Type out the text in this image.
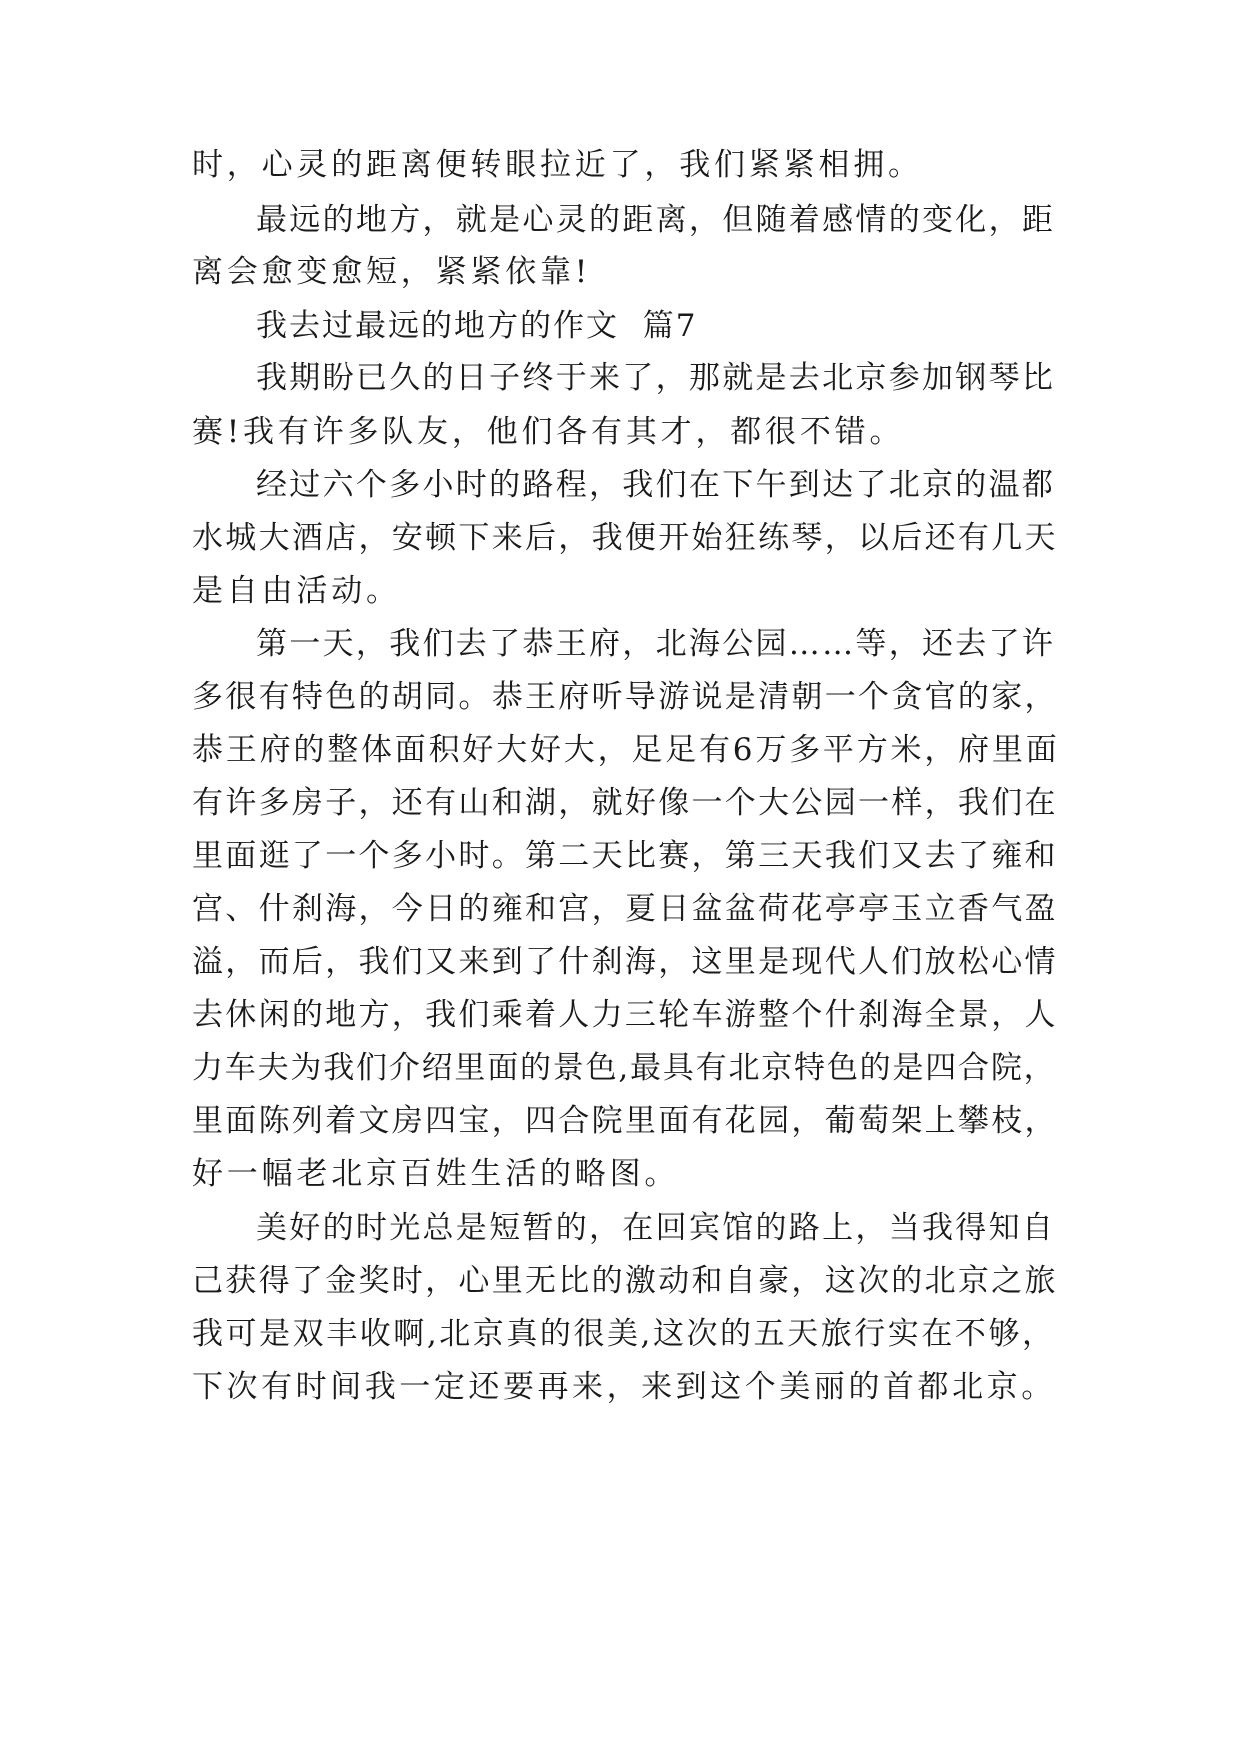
时，心灵的距离便转眼拉近了，我们紧紧相拥。
最远的地方，就是心灵的距离，但随着感情的变化，距
离会愈变愈短，紧紧依靠!
我去过最远的地方的作文  篇7
我期盼已久的日子终于来了，那就是去北京参加钢琴比
赛!我有许多队友，他们各有其才，都很不错。
经过六个多小时的路程，我们在下午到达了北京的温都
水城大酒店，安顿下来后，我便开始狂练琴，以后还有几天
是自由活动。
第一天，我们去了恭王府，北海公园……等，还去了许
多很有特色的胡同。恭王府听导游说是清朝一个贪官的家，
恭王府的整体面积好大好大，足足有6万多平方米，府里面
有许多房子，还有山和湖，就好像一个大公园一样，我们在
里面逛了一个多小时。第二天比赛，第三天我们又去了雍和
宫、什刹海，今日的雍和宫，夏日盆盆荷花亭亭玉立香气盈
溢，而后，我们又来到了什刹海，这里是现代人们放松心情
去休闲的地方，我们乘着人力三轮车游整个什刹海全景，人
力车夫为我们介绍里面的景色,最具有北京特色的是四合院，
里面陈列着文房四宝，四合院里面有花园，葡萄架上攀枝，
好一幅老北京百姓生活的略图。
美好的时光总是短暂的，在回宾馆的路上，当我得知自
己获得了金奖时，心里无比的激动和自豪，这次的北京之旅
我可是双丰收啊,北京真的很美,这次的五天旅行实在不够，
下次有时间我一定还要再来，来到这个美丽的首都北京。
